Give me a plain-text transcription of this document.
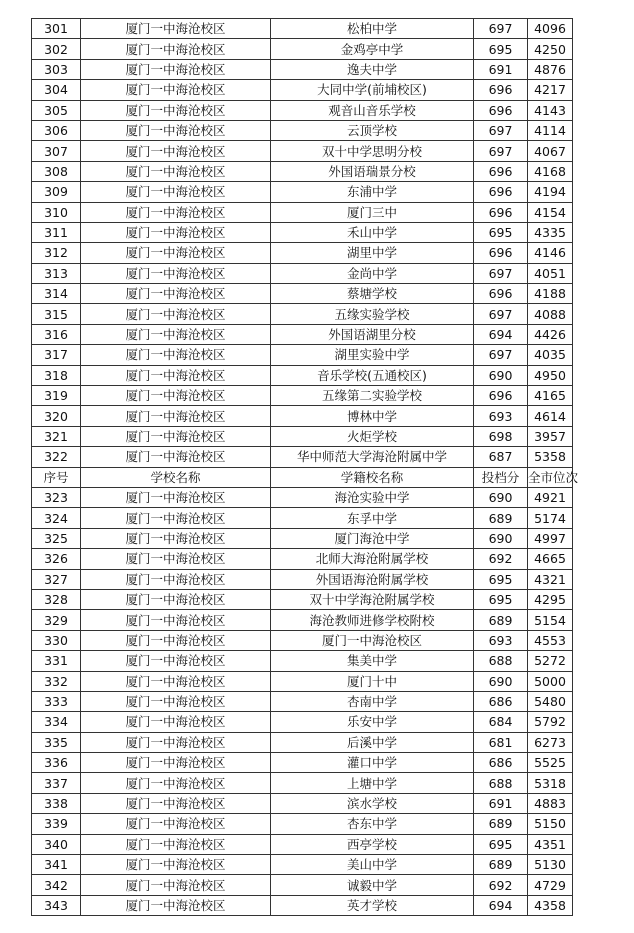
301	厦门一中海沧校区	松柏中学	697	4096
302	厦门一中海沧校区	金鸡亭中学	695	4250
303	厦门一中海沧校区	逸夫中学	691	4876
304	厦门一中海沧校区	大同中学(前埔校区)	696	4217
305	厦门一中海沧校区	观音山音乐学校	696	4143
306	厦门一中海沧校区	云顶学校	697	4114
307	厦门一中海沧校区	双十中学思明分校	697	4067
308	厦门一中海沧校区	外国语瑞景分校	696	4168
309	厦门一中海沧校区	东浦中学	696	4194
310	厦门一中海沧校区	厦门三中	696	4154
311	厦门一中海沧校区	禾山中学	695	4335
312	厦门一中海沧校区	湖里中学	696	4146
313	厦门一中海沧校区	金尚中学	697	4051
314	厦门一中海沧校区	蔡塘学校	696	4188
315	厦门一中海沧校区	五缘实验学校	697	4088
316	厦门一中海沧校区	外国语湖里分校	694	4426
317	厦门一中海沧校区	湖里实验中学	697	4035
318	厦门一中海沧校区	音乐学校(五通校区)	690	4950
319	厦门一中海沧校区	五缘第二实验学校	696	4165
320	厦门一中海沧校区	博林中学	693	4614
321	厦门一中海沧校区	火炬学校	698	3957
322	厦门一中海沧校区	华中师范大学海沧附属中学	687	5358
序号	学校名称	学籍校名称	投档分	全市位次
323	厦门一中海沧校区	海沧实验中学	690	4921
324	厦门一中海沧校区	东孚中学	689	5174
325	厦门一中海沧校区	厦门海沧中学	690	4997
326	厦门一中海沧校区	北师大海沧附属学校	692	4665
327	厦门一中海沧校区	外国语海沧附属学校	695	4321
328	厦门一中海沧校区	双十中学海沧附属学校	695	4295
329	厦门一中海沧校区	海沧教师进修学校附校	689	5154
330	厦门一中海沧校区	厦门一中海沧校区	693	4553
331	厦门一中海沧校区	集美中学	688	5272
332	厦门一中海沧校区	厦门十中	690	5000
333	厦门一中海沧校区	杏南中学	686	5480
334	厦门一中海沧校区	乐安中学	684	5792
335	厦门一中海沧校区	后溪中学	681	6273
336	厦门一中海沧校区	灌口中学	686	5525
337	厦门一中海沧校区	上塘中学	688	5318
338	厦门一中海沧校区	滨水学校	691	4883
339	厦门一中海沧校区	杏东中学	689	5150
340	厦门一中海沧校区	西亭学校	695	4351
341	厦门一中海沧校区	美山中学	689	5130
342	厦门一中海沧校区	诚毅中学	692	4729
343	厦门一中海沧校区	英才学校	694	4358
